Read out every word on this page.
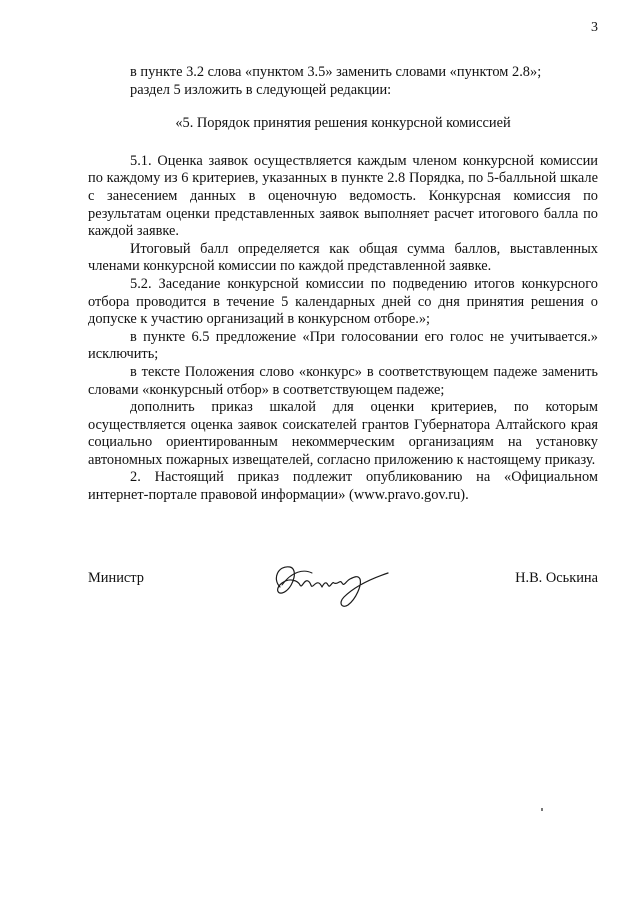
3

в пункте 3.2 слова «пунктом 3.5» заменить словами «пунктом 2.8»;

раздел 5 изложить в следующей редакции:

«5. Порядок принятия решения конкурсной комиссией

5.1. Оценка заявок осуществляется каждым членом конкурсной комиссии по каждому из 6 критериев, указанных в пункте 2.8 Порядка, по 5-балльной шкале с занесением данных в оценочную ведомость. Конкурсная комиссия по результатам оценки представленных заявок выполняет расчет итогового балла по каждой заявке.

Итоговый балл определяется как общая сумма баллов, выставленных членами конкурсной комиссии по каждой представленной заявке.

5.2. Заседание конкурсной комиссии по подведению итогов конкурсного отбора проводится в течение 5 календарных дней со дня принятия решения о допуске к участию организаций в конкурсном отборе.»;

в пункте 6.5 предложение «При голосовании его голос не учитывается.» исключить;

в тексте Положения слово «конкурс» в соответствующем падеже заменить словами «конкурсный отбор» в соответствующем падеже;

дополнить приказ шкалой для оценки критериев, по которым осуществляется оценка заявок соискателей грантов Губернатора Алтайского края социально ориентированным некоммерческим организациям на установку автономных пожарных извещателей, согласно приложению к настоящему приказу.

2. Настоящий приказ подлежит опубликованию на «Официальном интернет-портале правовой информации» (www.pravo.gov.ru).

Министр	Н.В. Оськина
